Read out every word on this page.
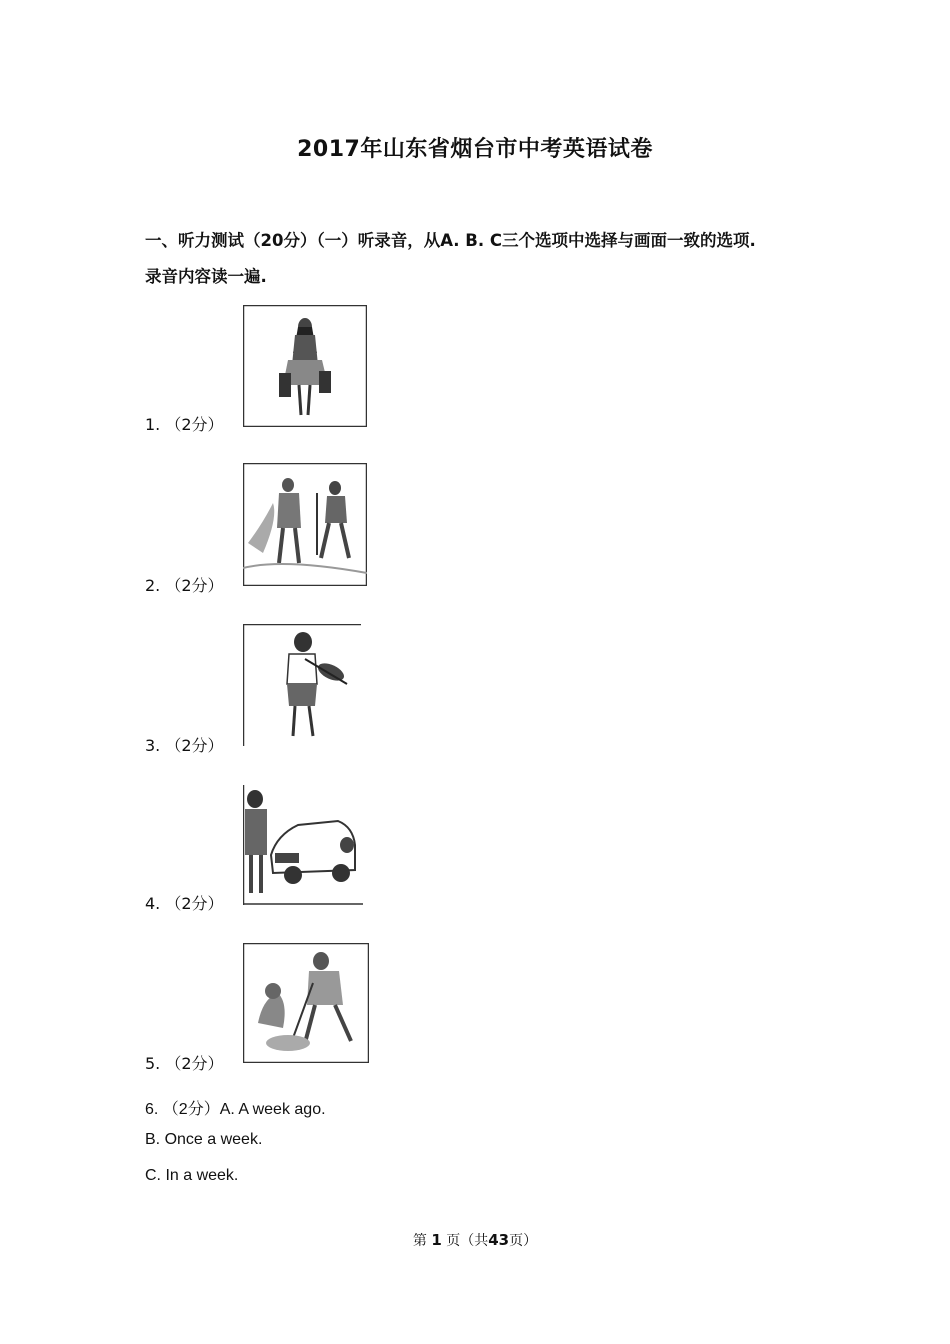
2017年山东省烟台市中考英语试卷
一、听力测试（20分）（一）听录音，从A. B. C三个选项中选择与画面一致的选项.
录音内容读一遍.
1. （2分）
2. （2分）
3. （2分）
4. （2分）
5. （2分）
6. （2分）A. A week ago.
B. Once a week.
C. In a week.
第 1 页（共43页）
